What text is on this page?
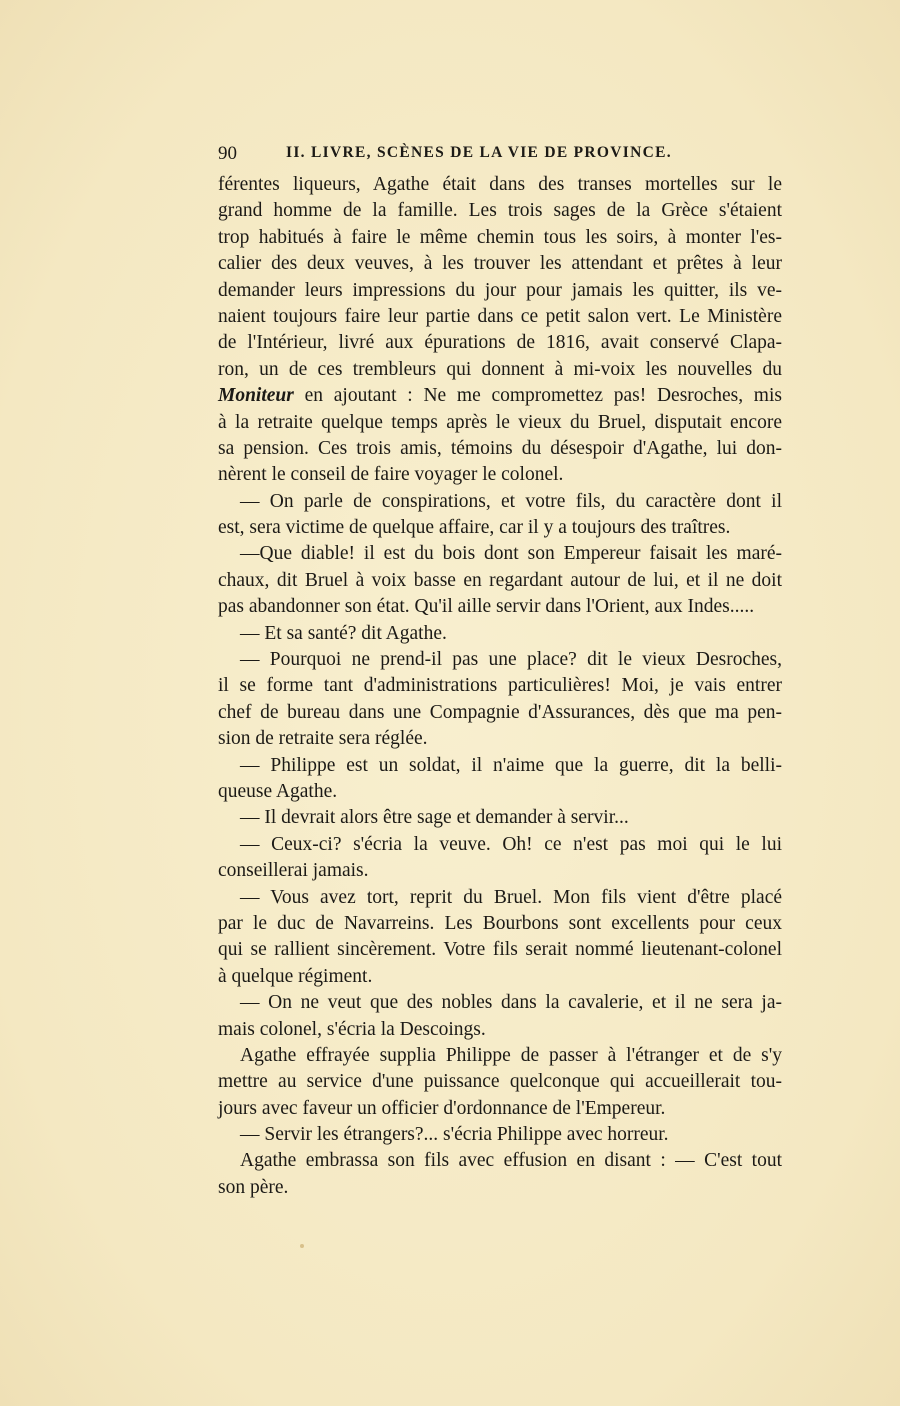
90	II. LIVRE, SCÈNES DE LA VIE DE PROVINCE.
férentes liqueurs, Agathe était dans des transes mortelles sur le
grand homme de la famille. Les trois sages de la Grèce s'étaient
trop habitués à faire le même chemin tous les soirs, à monter l'es-
calier des deux veuves, à les trouver les attendant et prêtes à leur
demander leurs impressions du jour pour jamais les quitter, ils ve-
naient toujours faire leur partie dans ce petit salon vert. Le Ministère
de l'Intérieur, livré aux épurations de 1816, avait conservé Clapa-
ron, un de ces trembleurs qui donnent à mi-voix les nouvelles du
Moniteur en ajoutant : Ne me compromettez pas! Desroches, mis
à la retraite quelque temps après le vieux du Bruel, disputait encore
sa pension. Ces trois amis, témoins du désespoir d'Agathe, lui don-
nèrent le conseil de faire voyager le colonel.
— On parle de conspirations, et votre fils, du caractère dont il
est, sera victime de quelque affaire, car il y a toujours des traîtres.
—Que diable! il est du bois dont son Empereur faisait les maré-
chaux, dit Bruel à voix basse en regardant autour de lui, et il ne doit
pas abandonner son état. Qu'il aille servir dans l'Orient, aux Indes.....
— Et sa santé? dit Agathe.
— Pourquoi ne prend-il pas une place? dit le vieux Desroches,
il se forme tant d'administrations particulières! Moi, je vais entrer
chef de bureau dans une Compagnie d'Assurances, dès que ma pen-
sion de retraite sera réglée.
— Philippe est un soldat, il n'aime que la guerre, dit la belli-
queuse Agathe.
— Il devrait alors être sage et demander à servir...
— Ceux-ci? s'écria la veuve. Oh! ce n'est pas moi qui le lui
conseillerai jamais.
— Vous avez tort, reprit du Bruel. Mon fils vient d'être placé
par le duc de Navarreins. Les Bourbons sont excellents pour ceux
qui se rallient sincèrement. Votre fils serait nommé lieutenant-colonel
à quelque régiment.
— On ne veut que des nobles dans la cavalerie, et il ne sera ja-
mais colonel, s'écria la Descoings.
Agathe effrayée supplia Philippe de passer à l'étranger et de s'y
mettre au service d'une puissance quelconque qui accueillerait tou-
jours avec faveur un officier d'ordonnance de l'Empereur.
— Servir les étrangers?... s'écria Philippe avec horreur.
Agathe embrassa son fils avec effusion en disant : — C'est tout
son père.
